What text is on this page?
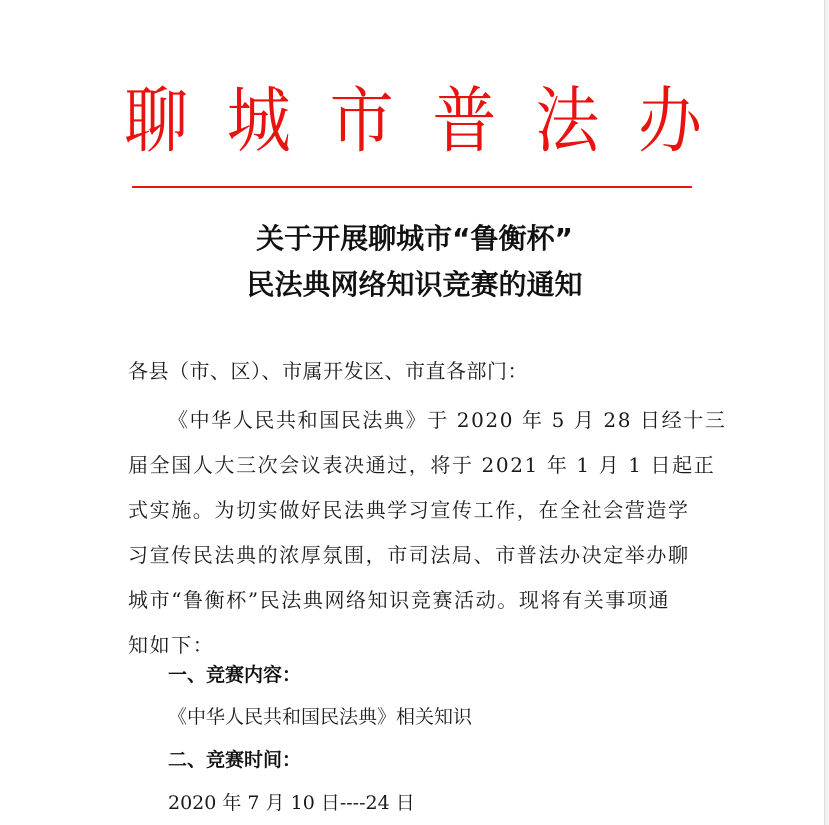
聊 城 市 普 法 办
关于开展聊城市“鲁衡杯”
民法典网络知识竞赛的通知
各县（市、区）、市属开发区、市直各部门：
《中华人民共和国民法典》于 2020 年 5 月 28 日经十三
届全国人大三次会议表决通过，将于 2021 年 1 月 1 日起正
式实施。为切实做好民法典学习宣传工作，在全社会营造学
习宣传民法典的浓厚氛围，市司法局、市普法办决定举办聊
城市“鲁衡杯”民法典网络知识竞赛活动。现将有关事项通
知如下：
一、竞赛内容：
《中华人民共和国民法典》相关知识
二、竞赛时间：
2020 年 7 月 10 日----24 日
